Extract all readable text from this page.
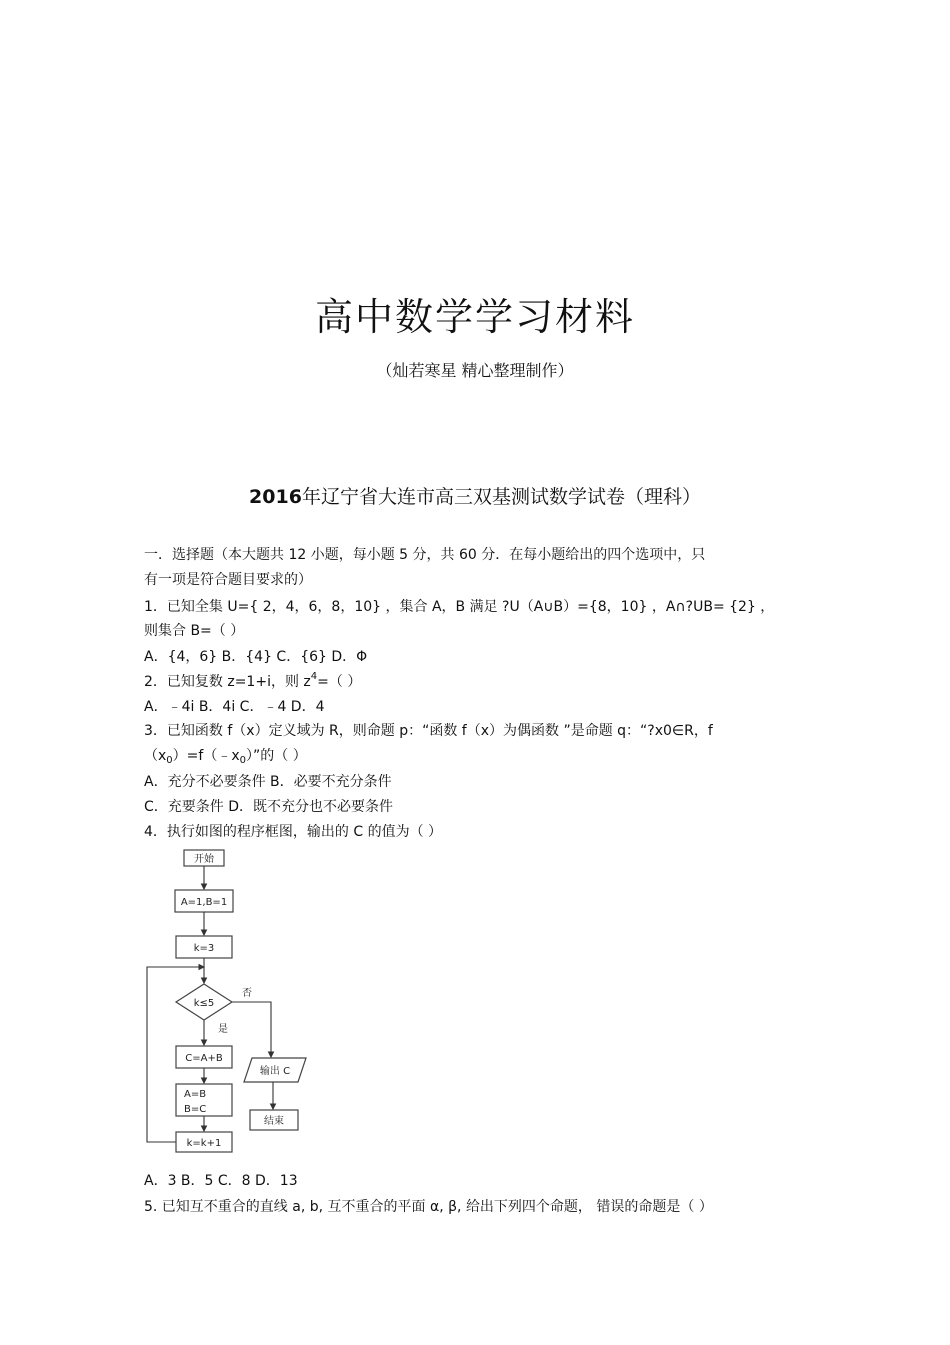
高中数学学习材料
（灿若寒星 精心整理制作）
2016年辽宁省大连市高三双基测试数学试卷（理科）
一．选择题（本大题共 12 小题，每小题 5 分，共 60 分．在每小题给出的四个选项中，只
有一项是符合题目要求的）
1．已知全集 U={ 2，4，6，8，10} ，集合 A，B 满足 ?U（A∪B）={8，10} ，A∩?UB= {2} ，
则集合 B=（ ）
A．{4，6} B．{4} C．{6} D．Φ
2．已知复数 z=1+i，则 $z^4=$（ ）
A．﹣4i B．4i C．﹣4 D．4
3．已知函数 f（x）定义域为 R，则命题 p：“函数 f（x）为偶函数 ”是命题 q：“?x0∈R，f
$(x_0)=f(﹣x_0)$”的（ ）
A．充分不必要条件 B．必要不充分条件
C．充要条件 D．既不充分也不必要条件
4．执行如图的程序框图，输出的 C 的值为（ ）
开始
A=1,B=1
k=3
k≤5
否
是
C=A+B
A=B
B=C
k=k+1
输出 C
结束
A．3 B．5 C．8 D．13
5. 已知互不重合的直线 a, b, 互不重合的平面 α, β, 给出下列四个命题， 错误的命题是（ ）
